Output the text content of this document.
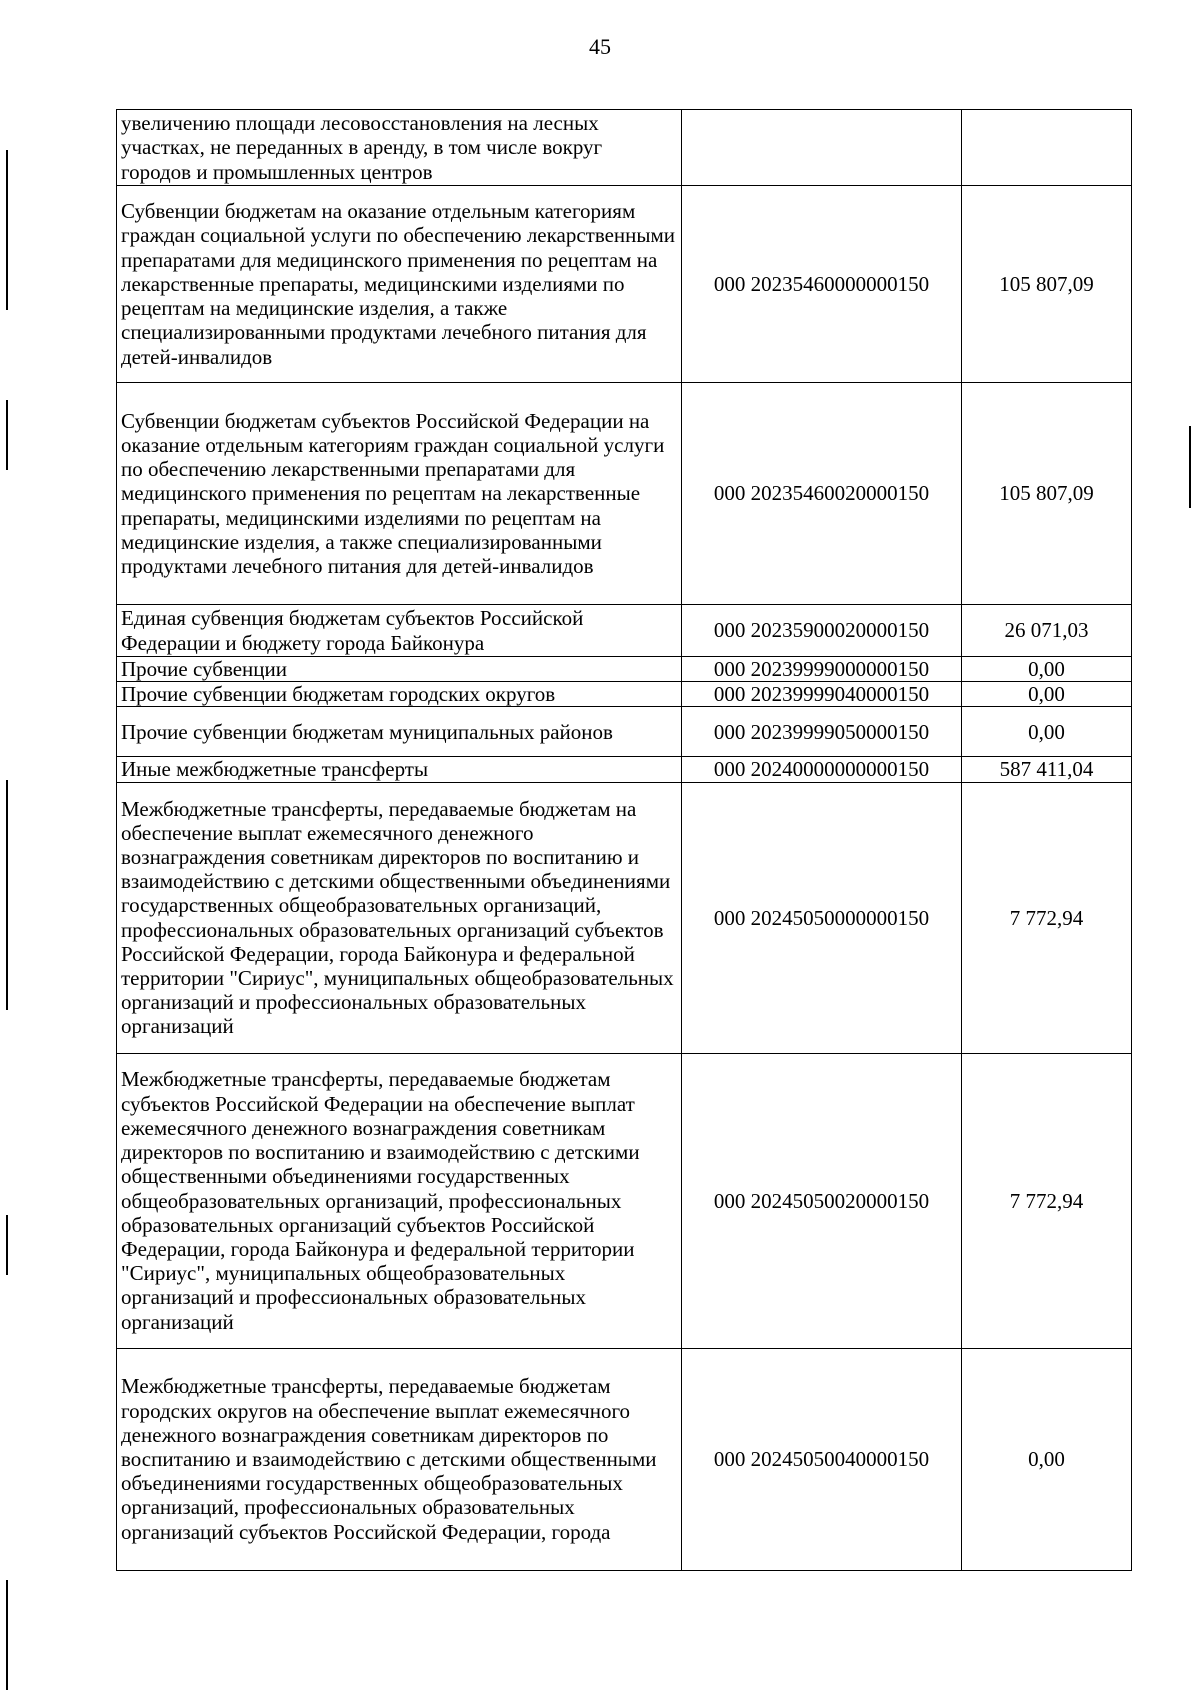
45
увеличению площади лесовосстановления на лесных участках, не переданных в аренду, в том числе вокруг городов и промышленных центров		
Субвенции бюджетам на оказание отдельным категориям граждан социальной услуги по обеспечению лекарственными препаратами для медицинского применения по рецептам на лекарственные препараты, медицинскими изделиями по рецептам на медицинские изделия, а также специализированными продуктами лечебного питания для детей-инвалидов	000 20235460000000150	105 807,09
Субвенции бюджетам субъектов Российской Федерации на оказание отдельным категориям граждан социальной услуги по обеспечению лекарственными препаратами для медицинского применения по рецептам на лекарственные препараты, медицинскими изделиями по рецептам на медицинские изделия, а также специализированными продуктами лечебного питания для детей-инвалидов	000 20235460020000150	105 807,09
Единая субвенция бюджетам субъектов Российской Федерации и бюджету города Байконура	000 20235900020000150	26 071,03
Прочие субвенции	000 20239999000000150	0,00
Прочие субвенции бюджетам городских округов	000 20239999040000150	0,00
Прочие субвенции бюджетам муниципальных районов	000 20239999050000150	0,00
Иные межбюджетные трансферты	000 20240000000000150	587 411,04
Межбюджетные трансферты, передаваемые бюджетам на обеспечение выплат ежемесячного денежного вознаграждения советникам директоров по воспитанию и взаимодействию с детскими общественными объединениями государственных общеобразовательных организаций, профессиональных образовательных организаций субъектов Российской Федерации, города Байконура и федеральной территории "Сириус", муниципальных общеобразовательных организаций и профессиональных образовательных организаций	000 20245050000000150	7 772,94
Межбюджетные трансферты, передаваемые бюджетам субъектов Российской Федерации на обеспечение выплат ежемесячного денежного вознаграждения советникам директоров по воспитанию и взаимодействию с детскими общественными объединениями государственных общеобразовательных организаций, профессиональных образовательных организаций субъектов Российской Федерации, города Байконура и федеральной территории "Сириус", муниципальных общеобразовательных организаций и профессиональных образовательных организаций	000 20245050020000150	7 772,94
Межбюджетные трансферты, передаваемые бюджетам городских округов на обеспечение выплат ежемесячного денежного вознаграждения советникам директоров по воспитанию и взаимодействию с детскими общественными объединениями государственных общеобразовательных организаций, профессиональных образовательных организаций субъектов Российской Федерации, города	000 20245050040000150	0,00
